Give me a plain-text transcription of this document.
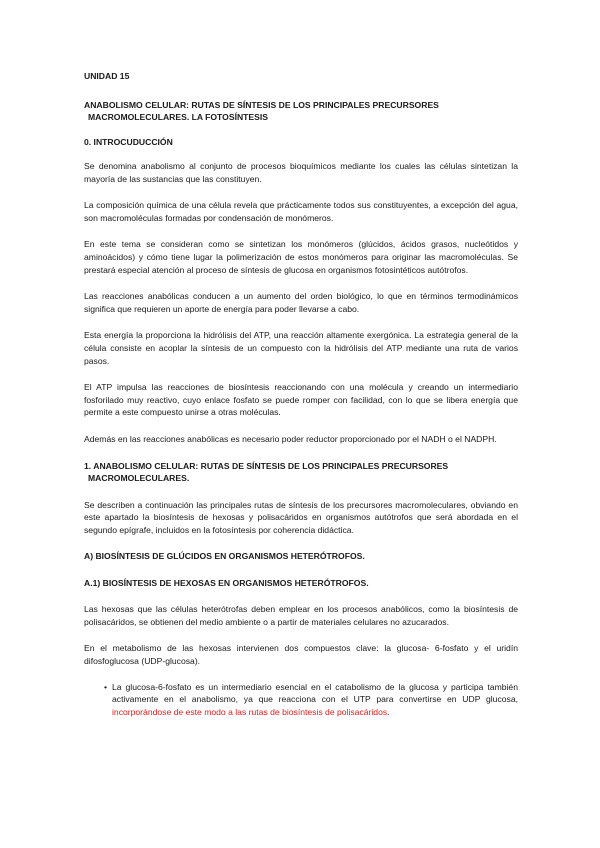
UNIDAD 15

ANABOLISMO CELULAR: RUTAS DE SÍNTESIS DE LOS PRINCIPALES PRECURSORES

MACROMOLECULARES. LA FOTOSÍNTESIS

0. INTROCUDUCCIÓN

Se denomina anabolismo al conjunto de procesos bioquímicos mediante los cuales las células sintetizan la mayoría de las sustancias que las constituyen.

La composición química de una célula revela que prácticamente todos sus constituyentes, a excepción del agua, son macromoléculas formadas por condensación de monómeros.

En este tema se consideran como se sintetizan los monómeros (glúcidos, ácidos grasos, nucleótidos y aminoácidos) y cómo tiene lugar la polimerización de estos monómeros para originar las macromoléculas. Se prestará especial atención al proceso de síntesis de glucosa en organismos fotosintéticos autótrofos.

Las reacciones anabólicas conducen a un aumento del orden biológico, lo que en términos termodinámicos significa que requieren un aporte de energía para poder llevarse a cabo.

Esta energía la proporciona la hidrólisis del ATP, una reacción altamente exergónica. La estrategia general de la célula consiste en acoplar la síntesis de un compuesto con la hidrólisis del ATP mediante una ruta de varios pasos.

El ATP impulsa las reacciones de biosíntesis reaccionando con una molécula y creando un intermediario fosforilado muy reactivo, cuyo enlace fosfato se puede romper con facilidad, con lo que se libera energía que permite a este compuesto unirse a otras moléculas.

Además en las reacciones anabólicas es necesario poder reductor proporcionado por el NADH o el NADPH.

1. ANABOLISMO CELULAR: RUTAS DE SÍNTESIS DE LOS PRINCIPALES PRECURSORES

MACROMOLECULARES.

Se describen a continuación las principales rutas de síntesis de los precursores macromoleculares, obviando en este apartado la biosíntesis de hexosas y polisacáridos en organismos autótrofos que será abordada en el segundo epígrafe, incluidos en la fotosíntesis por coherencia didáctica.

A) BIOSÍNTESIS DE GLÚCIDOS EN ORGANISMOS HETERÓTROFOS.

A.1) BIOSÍNTESIS DE HEXOSAS EN ORGANISMOS HETERÓTROFOS.

Las hexosas que las células heterótrofas deben emplear en los procesos anabólicos, como la biosíntesis de polisacáridos, se obtienen del medio ambiente o a partir de materiales celulares no azucarados.

En el metabolismo de las hexosas intervienen dos compuestos clave: la glucosa- 6-fosfato y el uridín difosfoglucosa (UDP-glucosa).

• La glucosa-6-fosfato es un intermediario esencial en el catabolismo de la glucosa y participa también activamente en el anabolismo, ya que reacciona con el UTP para convertirse en UDP glucosa, incorporándose de este modo a las rutas de biosíntesis de polisacáridos.
